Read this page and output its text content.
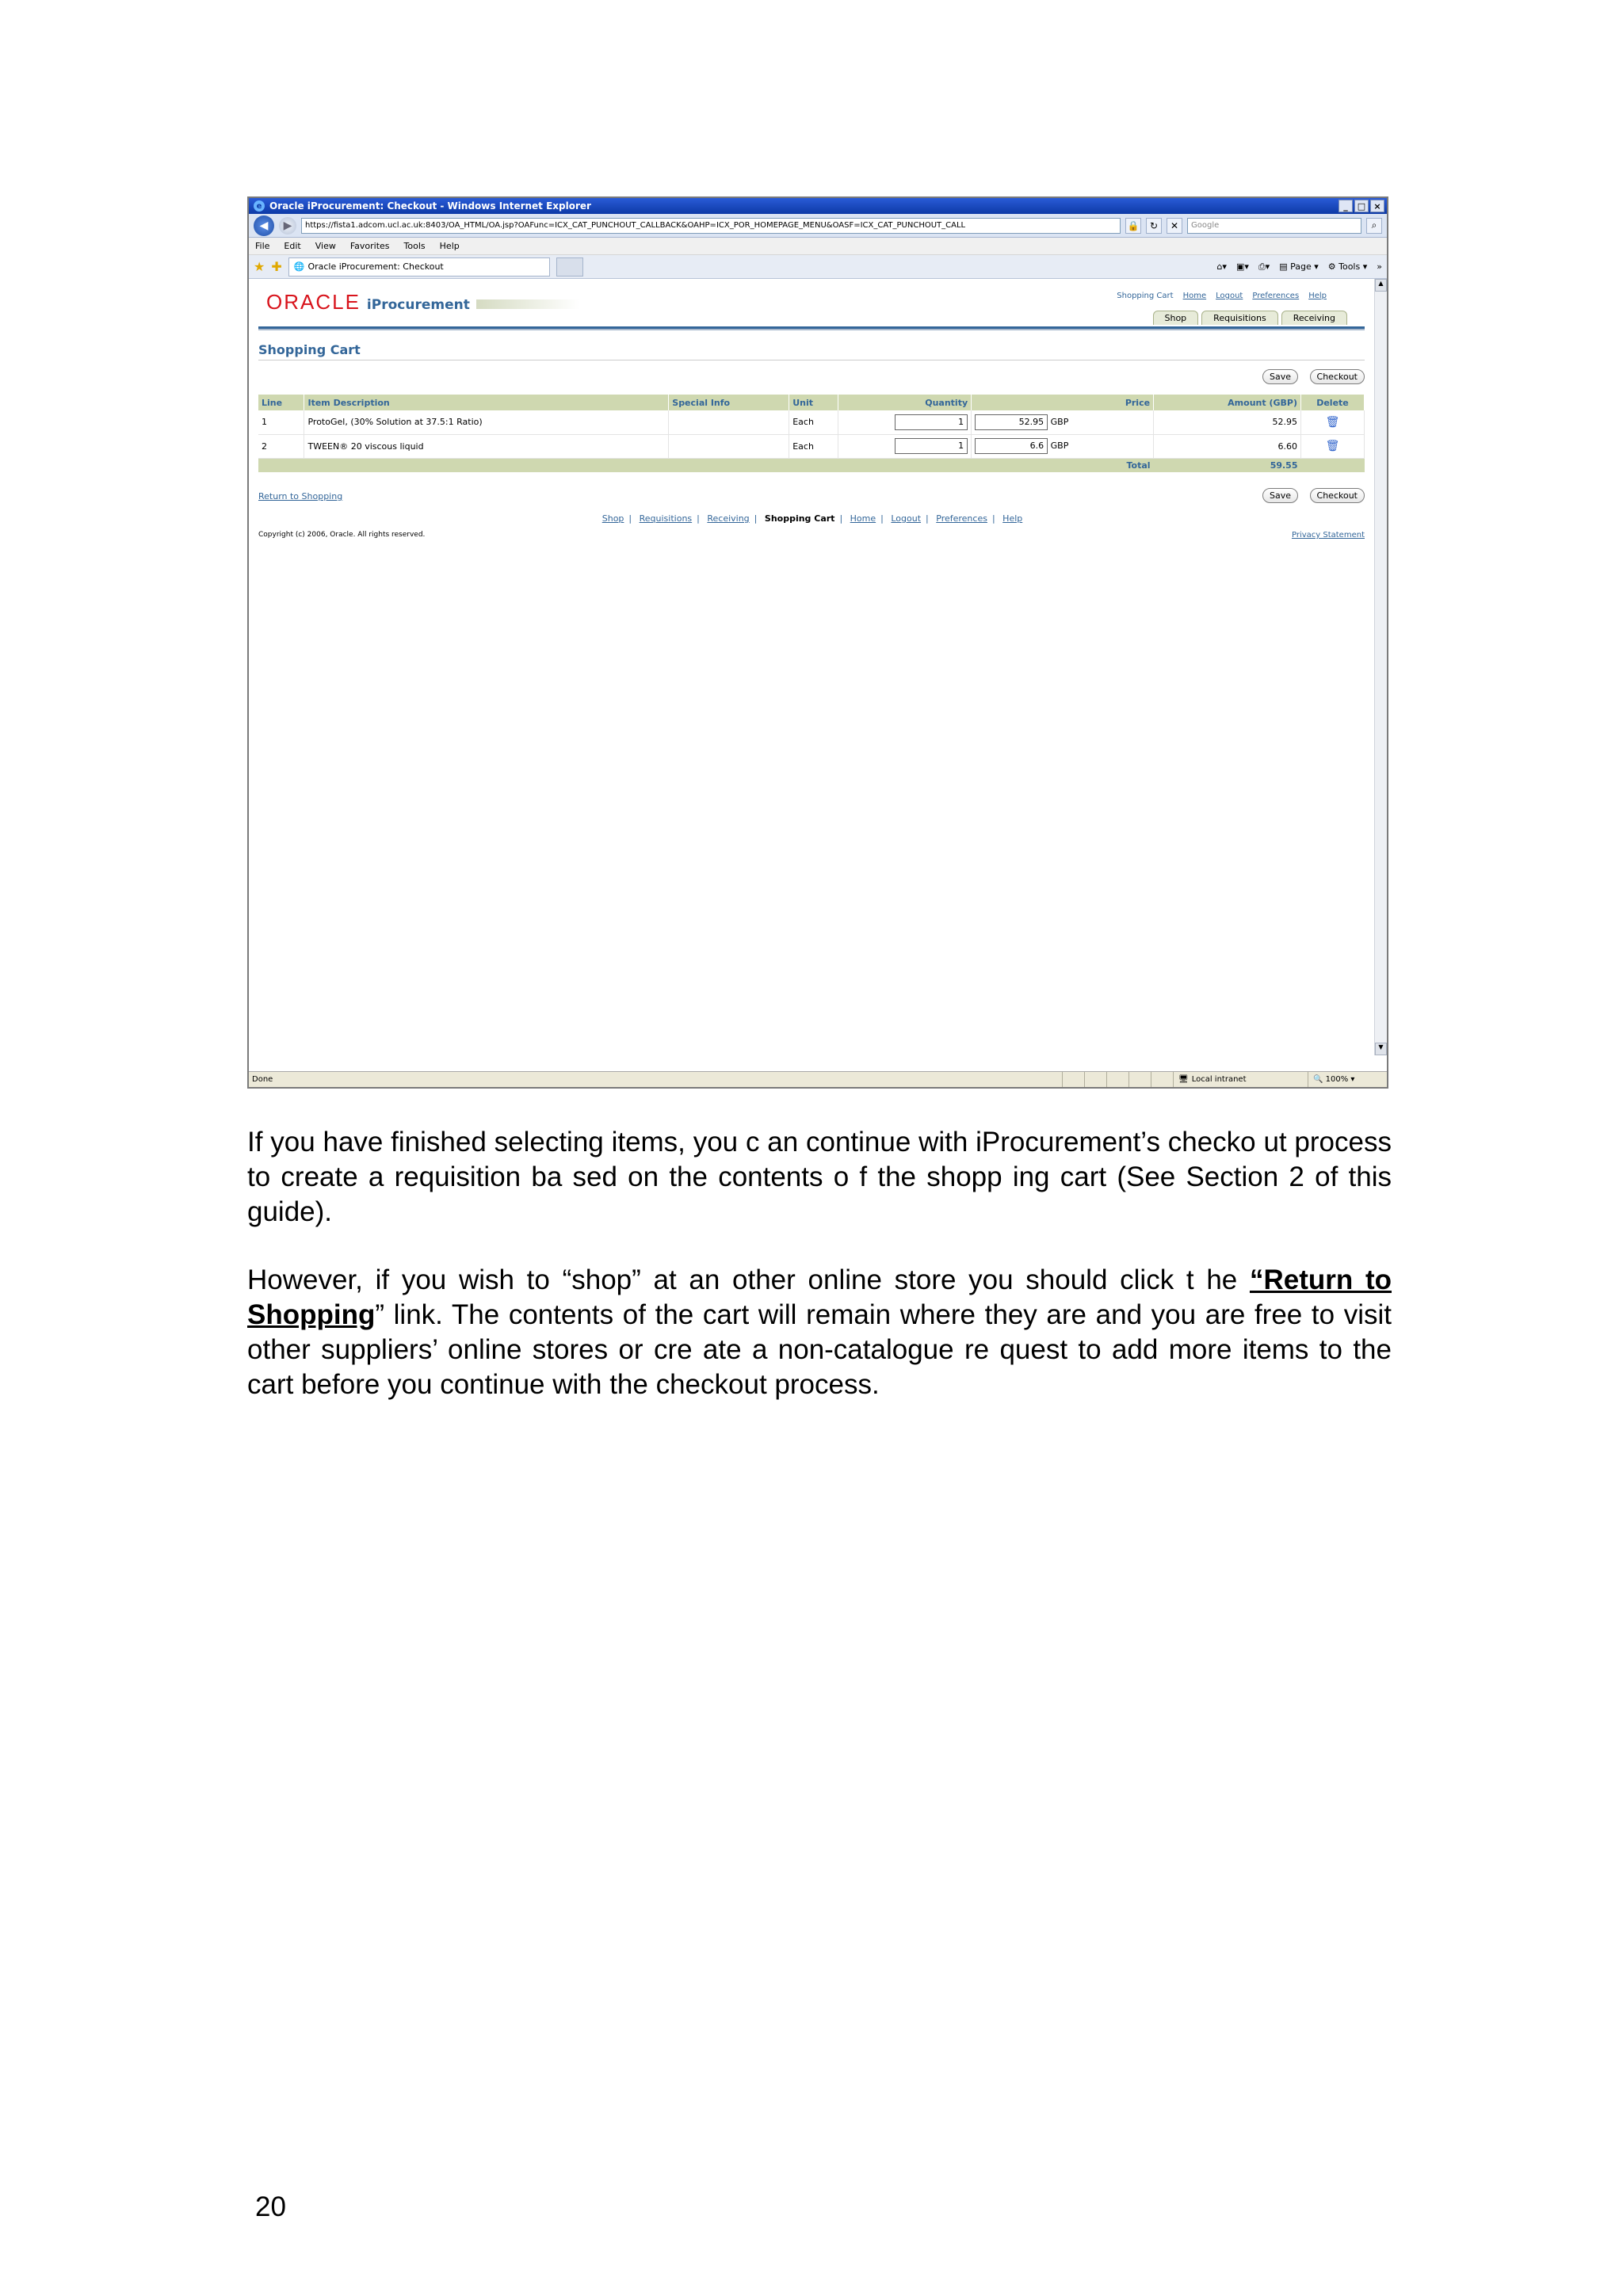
e Oracle iProcurement: Checkout - Windows Internet Explorer	_	□ ×
◀	▶	https://fista1.adcom.ucl.ac.uk:8403/OA_HTML/OA.jsp?OAFunc=ICX_CAT_PUNCHOUT_CALLBACK&OAHP=ICX_POR_HOMEPAGE_MENU&OASF=ICX_CAT_PUNCHOUT_CALL	🔒	↻	✕	Google	⌕
File Edit View Favorites Tools Help
★ ✚ 🌐 Oracle iProcurement: Checkout	⌂▾ ▣▾ ⎙▾ ▤ Page ▾ ⚙ Tools ▾ »
ORACLE iProcurement
Shopping Cart Home Logout Preferences Help
Shop	Requisitions	Receiving
Shopping Cart
Save	Checkout
Line	Item Description	Special Info	Unit	Quantity	Price	Amount (GBP)	Delete
1	ProtoGel, (30% Solution at 37.5:1 Ratio)		Each	1	52.95 GBP	52.95	🗑
2	TWEEN® 20 viscous liquid		Each	1	6.6 GBP	6.60	🗑
Total						59.55	
Return to Shopping	Save	Checkout
Shop | Requisitions | Receiving | Shopping Cart | Home | Logout | Preferences | Help
Copyright (c) 2006, Oracle. All rights reserved.	Privacy Statement
▲
▼
Done	🖥 Local intranet	🔍
100% ▾

If you have finished selecting items, you c an continue with iProcurement’s checko ut process to create a requisition ba sed on the contents o f the shopp ing cart (See Section 2 of this guide).

However, if you wish to “shop” at an other online store you should click t he “Return to Shopping” link. The contents of the cart will remain where they are and you are free to visit other suppliers’ online stores or cre ate a non-catalogue re quest to add more items to the cart before you continue with the checkout process.

20
